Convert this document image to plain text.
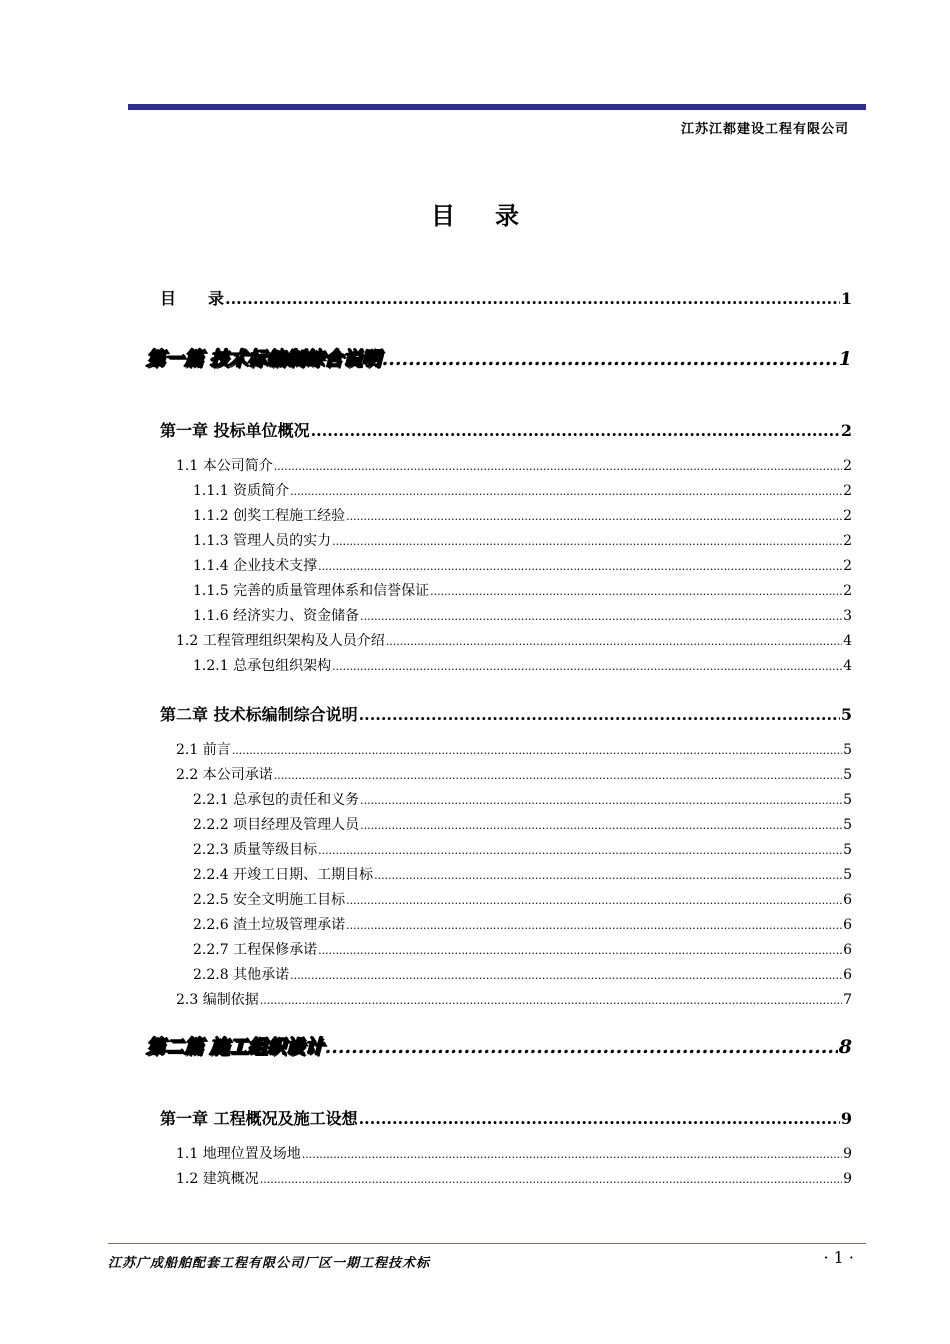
江苏江都建设工程有限公司
目录
目　　录 .....	1
第一篇 技术标编制综合说明 .....	1
第一章 投标单位概况 .....	2
1.1 本公司简介 .....	2
1.1.1 资质简介 .....	2
1.1.2 创奖工程施工经验 .....	2
1.1.3 管理人员的实力 .....	2
1.1.4 企业技术支撑 .....	2
1.1.5 完善的质量管理体系和信誉保证 .....	2
1.1.6 经济实力、资金储备 .....	3
1.2 工程管理组织架构及人员介绍 .....	4
1.2.1 总承包组织架构 .....	4
第二章 技术标编制综合说明 .....	5
2.1 前言 .....	5
2.2 本公司承诺 .....	5
2.2.1 总承包的责任和义务 .....	5
2.2.2 项目经理及管理人员 .....	5
2.2.3 质量等级目标 .....	5
2.2.4 开竣工日期、工期目标 .....	5
2.2.5 安全文明施工目标 .....	6
2.2.6 渣土垃圾管理承诺 .....	6
2.2.7 工程保修承诺 .....	6
2.2.8 其他承诺 .....	6
2.3 编制依据 .....	7
第二篇 施工组织设计 .....	8
第一章 工程概况及施工设想 .....	9
1.1 地理位置及场地 .....	9
1.2 建筑概况 .....	9
江苏广成船舶配套工程有限公司厂区一期工程技术标	· 1 ·
